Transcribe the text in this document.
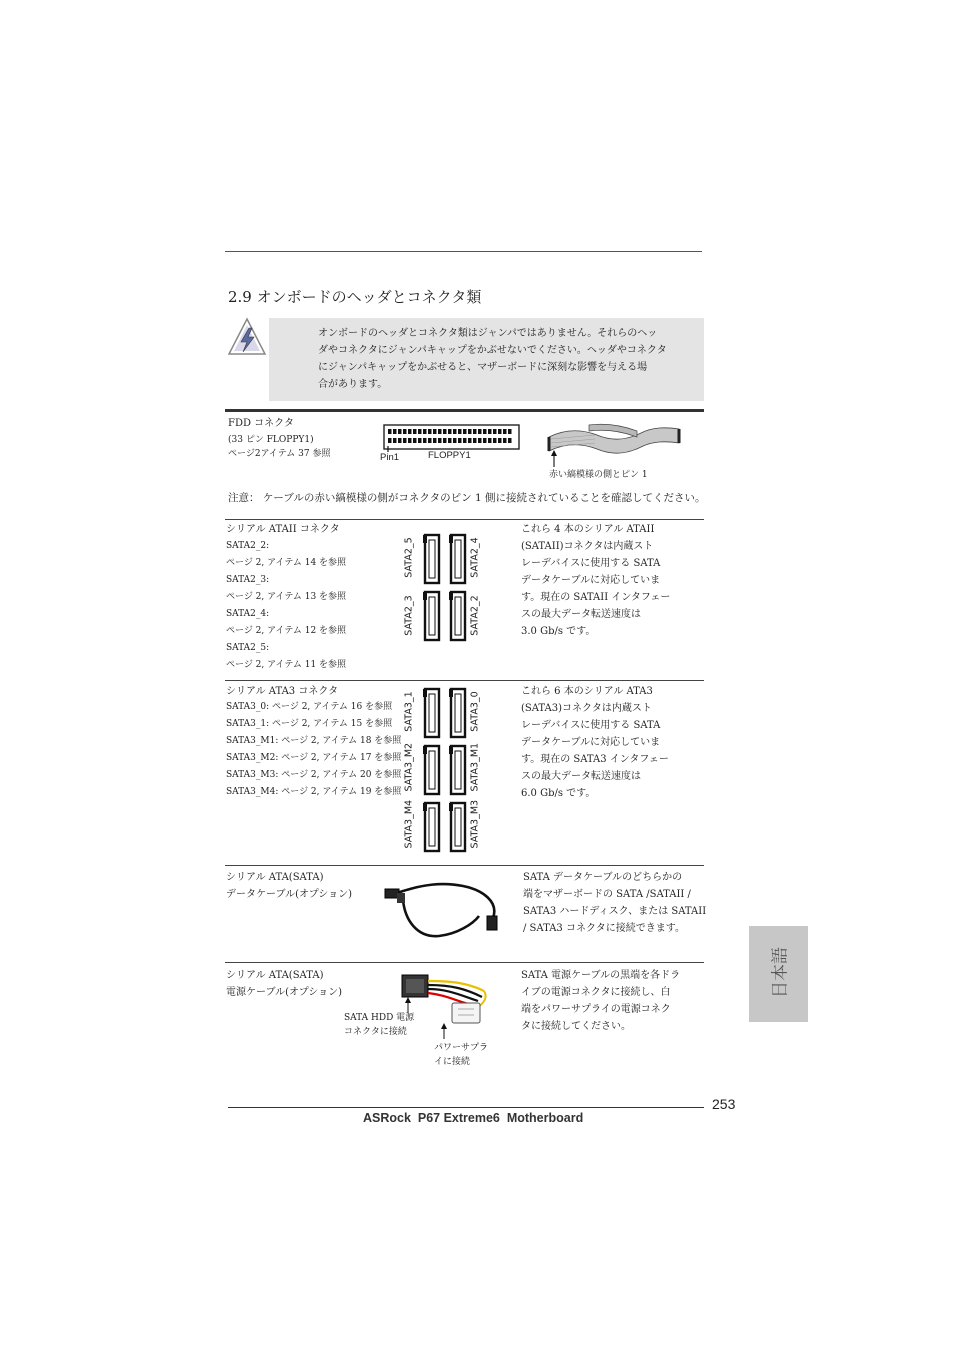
2.9 オンボードのヘッダとコネクタ類
オンボードのヘッダとコネクタ類はジャンパではありません。それらのヘッ
ダやコネクタにジャンパキャップをかぶせないでください。ヘッダやコネクタ
にジャンパキャップをかぶせると、マザーボードに深刻な影響を与える場
合があります。
FDD コネクタ
(33 ピン FLOPPY1)
ページ2アイテム 37 参照	Pin1	FLOPPY1
赤い縞模様の側とピン 1
注意： ケーブルの赤い縞模様の側がコネクタのピン 1 側に接続されていることを確認してください。
シリアル ATAII コネクタ
SATA2_2:
ページ 2, アイテム 14 を参照
SATA2_3:
ページ 2, アイテム 13 を参照
SATA2_4:
ページ 2, アイテム 12 を参照
SATA2_5:
ページ 2, アイテム 11 を参照
SATA2_5	SATA2_4
SATA2_3	SATA2_2
これら 4 本のシリアル ATAII
(SATAII)コネクタは内蔵スト
レーデバイスに使用する SATA
データケーブルに対応していま
す。現在の SATAII インタフェー
スの最大データ転送速度は
3.0 Gb/s です。
シリアル ATA3 コネクタ
SATA3_0: ページ 2, アイテム 16 を参照
SATA3_1: ページ 2, アイテム 15 を参照
SATA3_M1: ページ 2, アイテム 18 を参照
SATA3_M2: ページ 2, アイテム 17 を参照
SATA3_M3: ページ 2, アイテム 20 を参照
SATA3_M4: ページ 2, アイテム 19 を参照
SATA3_1	SATA3_0
SATA3_M2	SATA3_M1
SATA3_M4	SATA3_M3
これら 6 本のシリアル ATA3
(SATA3)コネクタは内蔵スト
レーデバイスに使用する SATA
データケーブルに対応していま
す。現在の SATA3 インタフェー
スの最大データ転送速度は
6.0 Gb/s です。
シリアル ATA(SATA)
データケーブル(オプション)
SATA データケーブルのどちらかの
端をマザーボードの SATA /SATAII /
SATA3 ハードディスク、または SATAII
/ SATA3 コネクタに接続できます。
シリアル ATA(SATA)
電源ケーブル(オプション)
SATA HDD 電源
コネクタに接続
パワーサプラ
イに接続
SATA 電源ケーブルの黒端を各ドラ
イブの電源コネクタに接続し、白
端をパワーサプライの電源コネク
タに接続してください。
日本語
253
ASRock  P67 Extreme6  Motherboard
